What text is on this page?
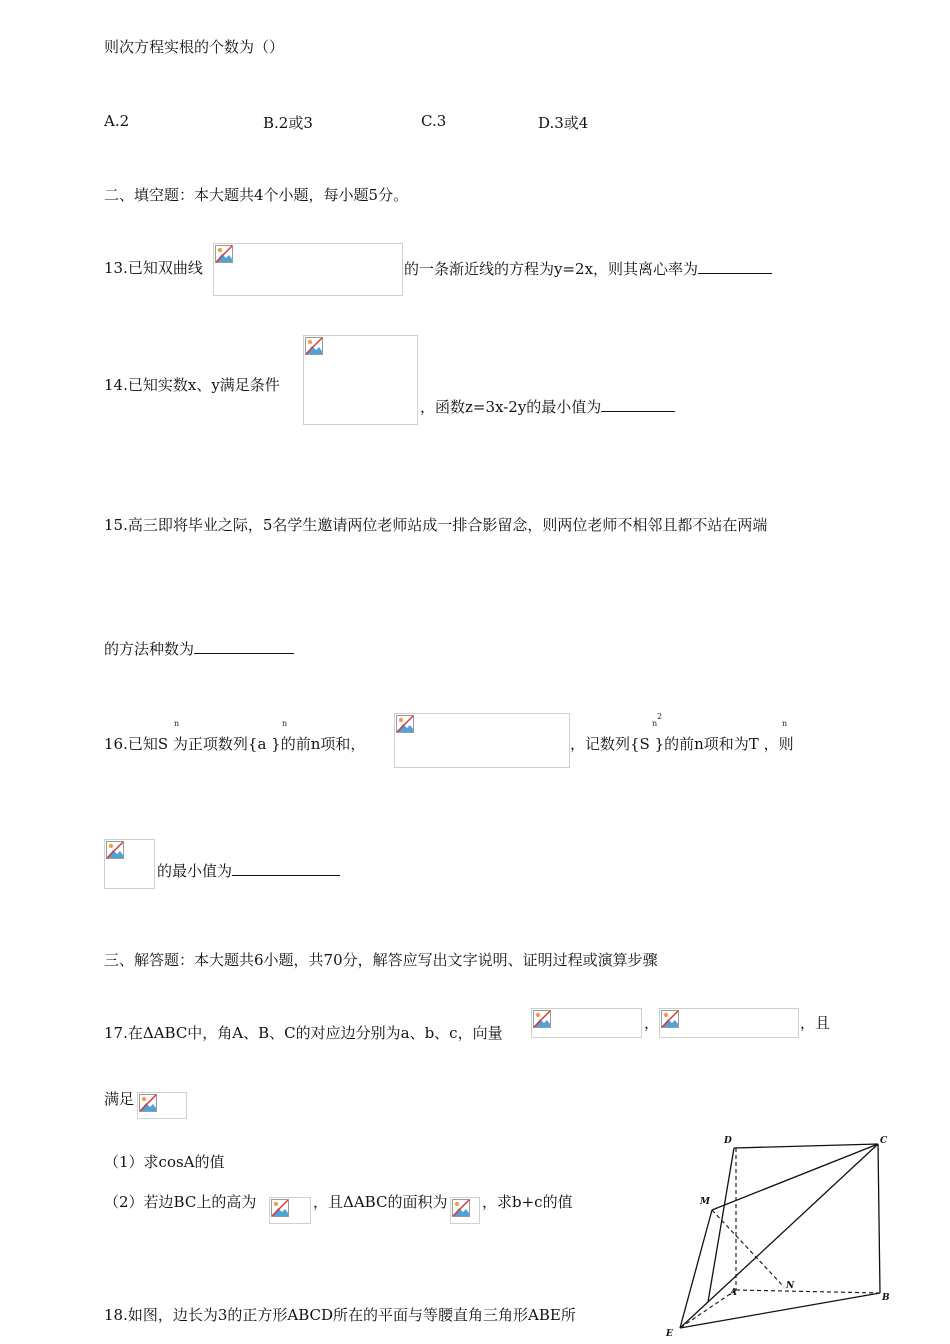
则次方程实根的个数为（）
A.2	B.2或3	C.3	D.3或4
二、填空题：本大题共4个小题，每小题5分。
13.已知双曲线	的一条渐近线的方程为y=2x，则其离心率为
14.已知实数x、y满足条件
，函数z=3x-2y的最小值为
15.高三即将毕业之际，5名学生邀请两位老师站成一排合影留念，则两位老师不相邻且都不站在两端
的方法种数为
n	n
2
n	n
16.已知S 为正项数列{a }的前n项和，	，记数列{S }的前n项和为T ，则
的最小值为
三、解答题：本大题共6小题，共70分，解答应写出文字说明、证明过程或演算步骤
17.在ΔABC中，角A、B、C的对应边分别为a、b、c，向量
，	，且
满足
（1）求cosA的值
（2）若边BC上的高为	，且ΔABC的面积为 ，求b+c的值
18.如图，边长为3的正方形ABCD所在的平面与等腰直角三角形ABE所
D	C
M
N
A	B
E
